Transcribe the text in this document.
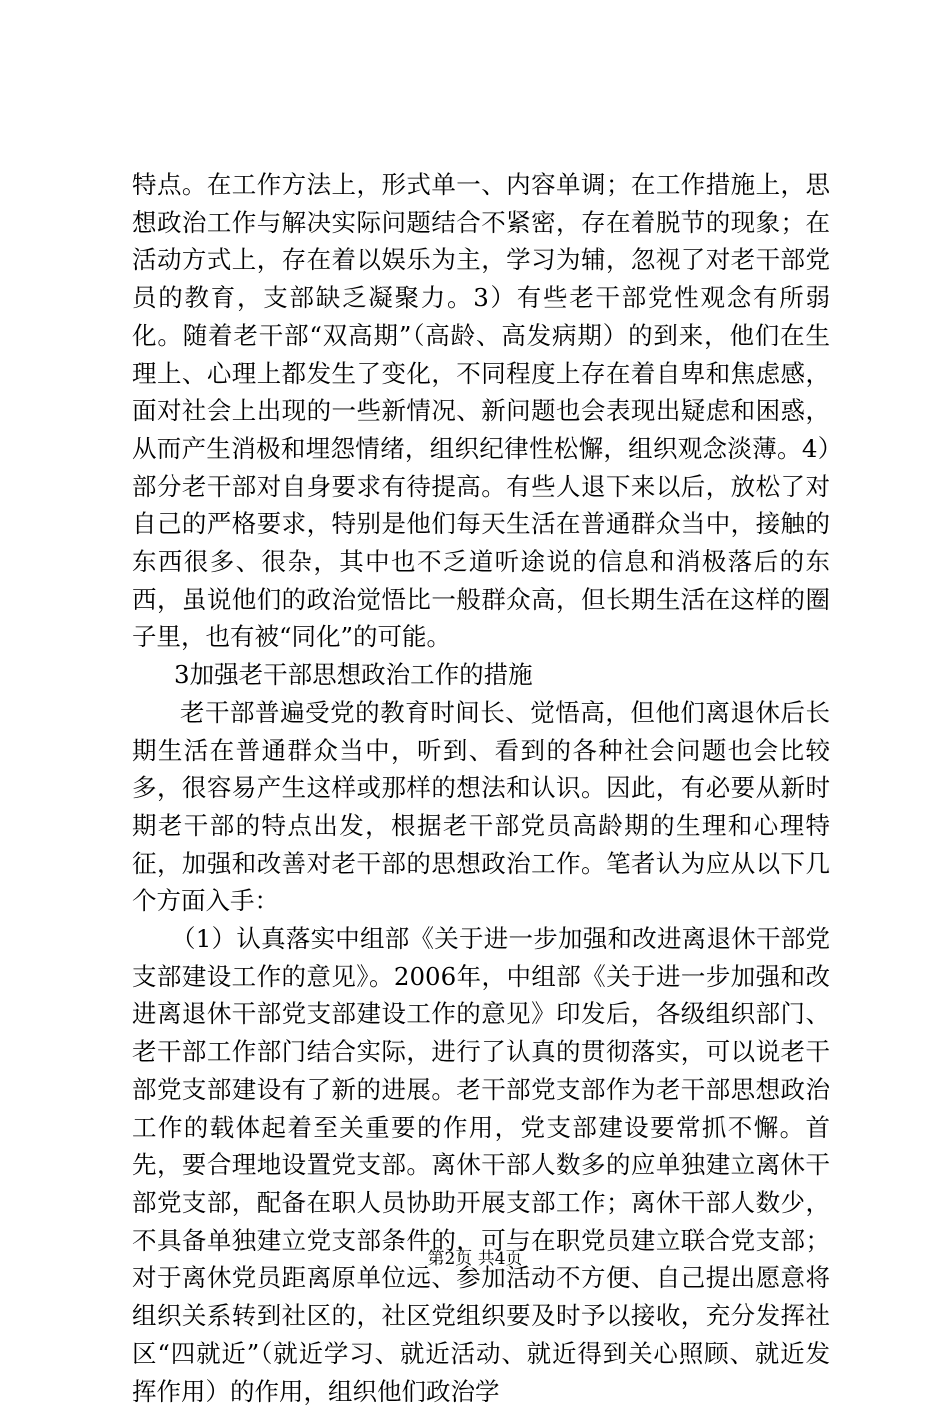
特点。在工作方法上，形式单一、内容单调；在工作措施上，思想政治工作与解决实际问题结合不紧密，存在着脱节的现象；在活动方式上，存在着以娱乐为主，学习为辅，忽视了对老干部党员的教育，支部缺乏凝聚力。3）有些老干部党性观念有所弱化。随着老干部“双高期”（高龄、高发病期）的到来，他们在生理上、心理上都发生了变化，不同程度上存在着自卑和焦虑感，面对社会上出现的一些新情况、新问题也会表现出疑虑和困惑，从而产生消极和埋怨情绪，组织纪律性松懈，组织观念淡薄。4）部分老干部对自身要求有待提高。有些人退下来以后，放松了对自己的严格要求，特别是他们每天生活在普通群众当中，接触的东西很多、很杂，其中也不乏道听途说的信息和消极落后的东西，虽说他们的政治觉悟比一般群众高，但长期生活在这样的圈子里，也有被“同化”的可能。

3加强老干部思想政治工作的措施

老干部普遍受党的教育时间长、觉悟高，但他们离退休后长期生活在普通群众当中，听到、看到的各种社会问题也会比较多，很容易产生这样或那样的想法和认识。因此，有必要从新时期老干部的特点出发，根据老干部党员高龄期的生理和心理特征，加强和改善对老干部的思想政治工作。笔者认为应从以下几个方面入手：

（1）认真落实中组部《关于进一步加强和改进离退休干部党支部建设工作的意见》。2006年，中组部《关于进一步加强和改进离退休干部党支部建设工作的意见》印发后，各级组织部门、老干部工作部门结合实际，进行了认真的贯彻落实，可以说老干部党支部建设有了新的进展。老干部党支部作为老干部思想政治工作的载体起着至关重要的作用，党支部建设要常抓不懈。首先，要合理地设置党支部。离休干部人数多的应单独建立离休干部党支部，配备在职人员协助开展支部工作；离休干部人数少，不具备单独建立党支部条件的，可与在职党员建立联合党支部；对于离休党员距离原单位远、参加活动不方便、自己提出愿意将组织关系转到社区的，社区党组织要及时予以接收，充分发挥社区“四就近”（就近学习、就近活动、就近得到关心照顾、就近发挥作用）的作用，组织他们政治学

第2页 共4页
